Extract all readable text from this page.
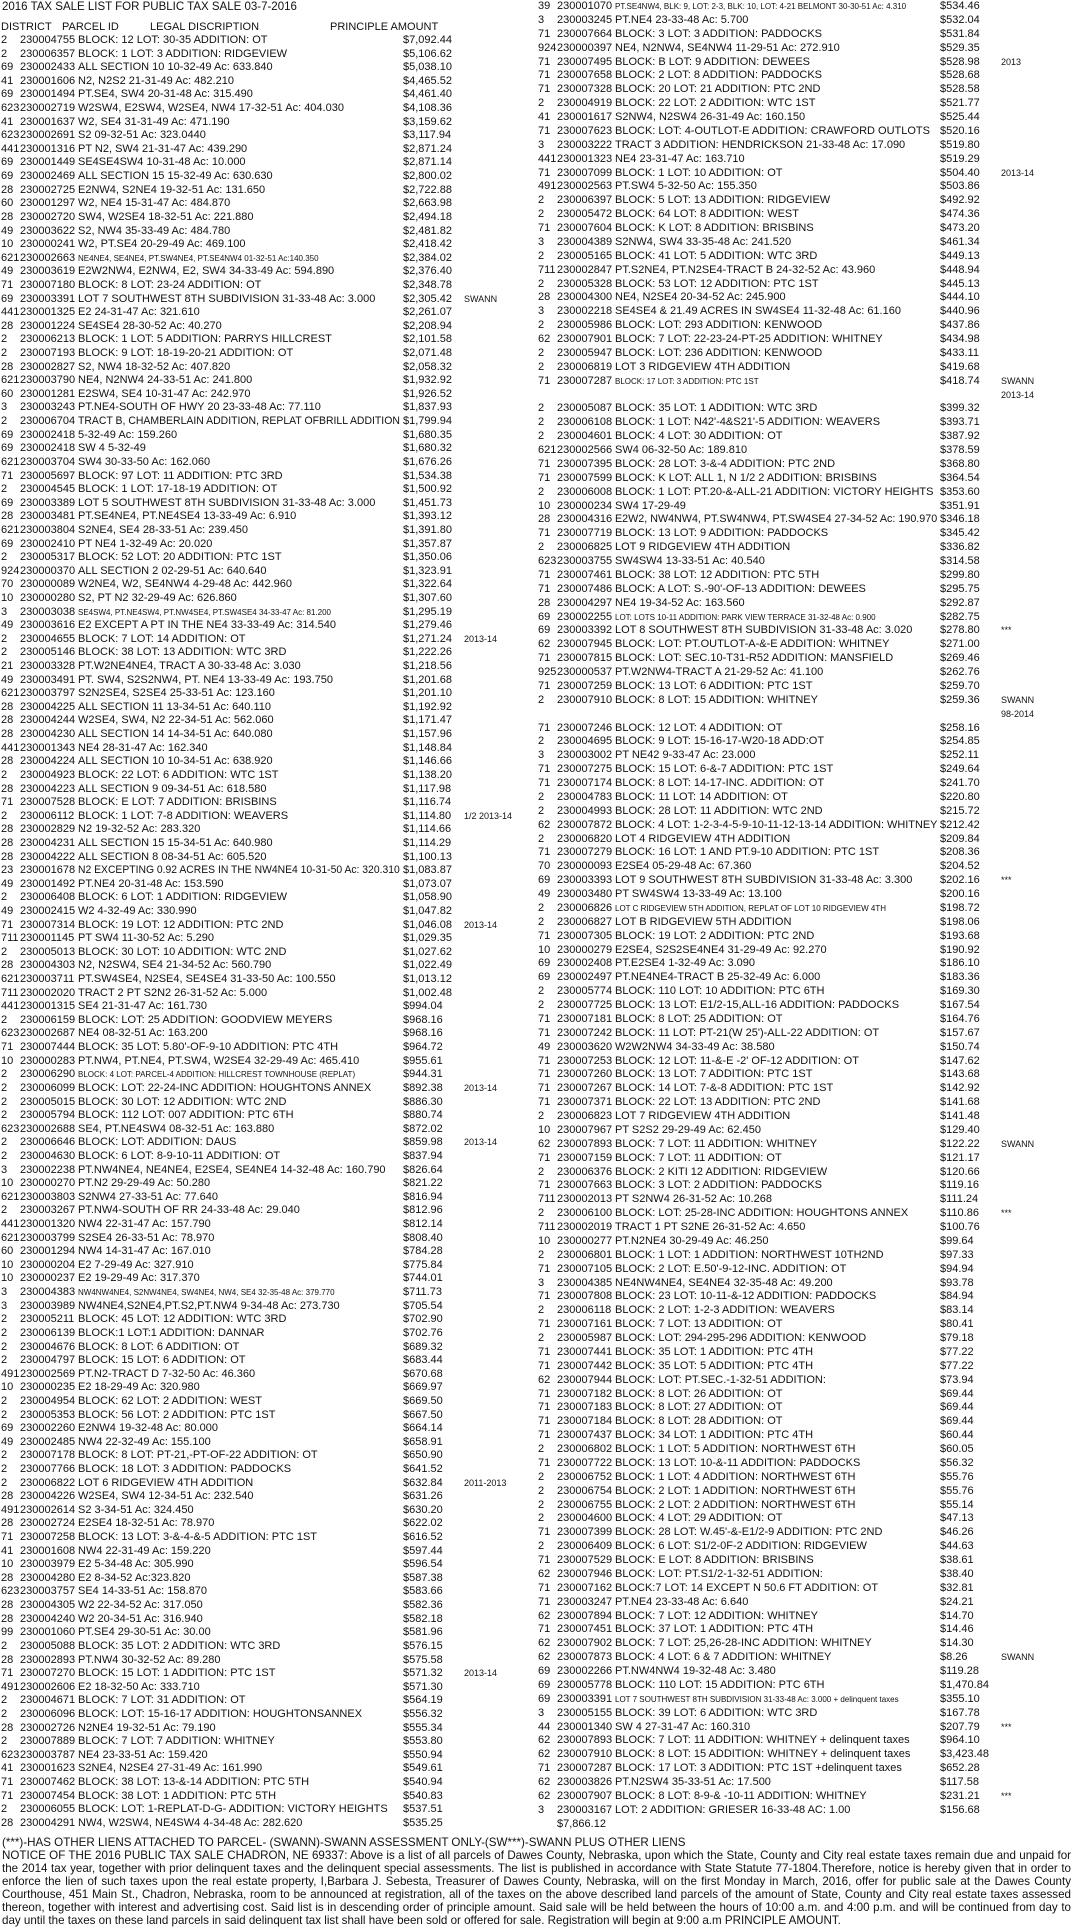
2016 TAX SALE LIST FOR PUBLIC TAX SALE 03-7-2016
DISTRICT PARCEL ID	LEGAL DISCRIPTION	PRINCIPLE AMOUNT
2	230004755 BLOCK: 12 LOT: 30-35 ADDITION: OT	$7,092.44
2	230006357 BLOCK: 1 LOT: 3 ADDITION: RIDGEVIEW	$5,106.62
69 230002433 ALL SECTION 10 10-32-49 Ac: 633.840	$5,038.10
41 230001606 N2, N2S2 21-31-49 Ac: 482.210	$4,465.52
69 230001494 PT.SE4, SW4 20-31-48 Ac: 315.490	$4,461.40
623 230002719 W2SW4, E2SW4, W2SE4, NW4 17-32-51 Ac: 404.030	$4,108.36
41 230001637 W2, SE4 31-31-49 Ac: 471.190	$3,159.62
623 230002691 S2 09-32-51 Ac: 323.0440	$3,117.94
441 230001316 PT N2, SW4 21-31-47 Ac: 439.290	$2,871.24
69 230001449 SE4SE4SW4 10-31-48 Ac: 10.000	$2,871.14
69 230002469 ALL SECTION 15 15-32-49 Ac: 630.630	$2,800.02
28 230002725 E2NW4, S2NE4 19-32-51 Ac: 131.650	$2,722.88
60 230001297 W2, NE4 15-31-47 Ac: 484.870	$2,663.98
28 230002720 SW4, W2SE4 18-32-51 Ac: 221.880	$2,494.18
49 230003622 S2, NW4 35-33-49 Ac: 484.780	$2,481.82
10 230000241 W2, PT.SE4 20-29-49 Ac: 469.100	$2,418.42
621 230002663 NE4NE4, SE4NE4, PT.SW4NE4, PT.SE4NW4 01-32-51 Ac:140.350	$2,384.02
49 230003619 E2W2NW4, E2NW4, E2, SW4 34-33-49 Ac: 594.890	$2,376.40
71 230007180 BLOCK: 8 LOT: 23-24 ADDITION: OT	$2,348.78
69 230003391 LOT 7 SOUTHWEST 8TH SUBDIVISION 31-33-48 Ac: 3.000	$2,305.42	SWANN
441 230001325 E2 24-31-47 Ac: 321.610	$2,261.07
28 230001224 SE4SE4 28-30-52 Ac: 40.270	$2,208.94
2	230006213 BLOCK: 1 LOT: 5 ADDITION: PARRYS HILLCREST	$2,101.58
2	230007193 BLOCK: 9 LOT: 18-19-20-21 ADDITION: OT	$2,071.48
28 230002827 S2, NW4 18-32-52 Ac: 407.820	$2,058.32
621 230003790 NE4, N2NW4 24-33-51 Ac: 241.800	$1,932.92
60 230001281 E2SW4, SE4 10-31-47 Ac: 242.970	$1,926.52
3	230003243 PT.NE4-SOUTH OF HWY 20 23-33-48 Ac: 77.110	$1,837.93
2	230006704 TRACT B, CHAMBERLAIN ADDITION, REPLAT OFBRILL ADDITION $1,799.94
69 230002418 5-32-49 Ac: 159.260	$1,680.35
69 230002418 SW 4 5-32-49	$1,680.32
621 230003704 SW4 30-33-50 Ac: 162.060	$1,676.26
71 230005697 BLOCK: 97 LOT: 11 ADDITION: PTC 3RD	$1,534.38
2	230004545 BLOCK: 1 LOT: 17-18-19 ADDITION: OT	$1,500.92
69 230003389 LOT 5 SOUTHWEST 8TH SUBDIVISION 31-33-48 Ac: 3.000	$1,451.73
28 230003481 PT.SE4NE4, PT.NE4SE4 13-33-49 Ac: 6.910	$1,393.12
621 230003804 S2NE4, SE4 28-33-51 Ac: 239.450	$1,391.80
69 230002410 PT NE4 1-32-49 Ac: 20.020	$1,357.87
2	230005317 BLOCK: 52 LOT: 20 ADDITION: PTC 1ST	$1,350.06
924 230000370 ALL SECTION 2 02-29-51 Ac: 640.640	$1,323.91
70 230000089 W2NE4, W2, SE4NW4 4-29-48 Ac: 442.960	$1,322.64
10 230000280 S2, PT N2 32-29-49 Ac: 626.860	$1,307.60
3	230003038 SE4SW4, PT.NE4SW4, PT.NW4SE4, PT.SW4SE4 34-33-47 Ac: 81.200	$1,295.19
49 230003616 E2 EXCEPT A PT IN THE NE4 33-33-49 Ac: 314.540	$1,279.46
2	230004655 BLOCK: 7 LOT: 14 ADDITION: OT	$1,271.24	2013-14
2	230005146 BLOCK: 38 LOT: 13 ADDITION: WTC 3RD	$1,222.26
21 230003328 PT.W2NE4NE4, TRACT A 30-33-48 Ac: 3.030	$1,218.56
49 230003491 PT. SW4, S2S2NW4, PT. NE4 13-33-49 Ac: 193.750	$1,201.68
621 230003797 S2N2SE4, S2SE4 25-33-51 Ac: 123.160	$1,201.10
28 230004225 ALL SECTION 11 13-34-51 Ac: 640.110	$1,192.92
28 230004244 W2SE4, SW4, N2 22-34-51 Ac: 562.060	$1,171.47
28 230004230 ALL SECTION 14 14-34-51 Ac: 640.080	$1,157.96
441 230001343 NE4 28-31-47 Ac: 162.340	$1,148.84
28 230004224 ALL SECTION 10 10-34-51 Ac: 638.920	$1,146.66
2	230004923 BLOCK: 22 LOT: 6 ADDITION: WTC 1ST	$1,138.20
28 230004223 ALL SECTION 9 09-34-51 Ac: 618.580	$1,117.98
71 230007528 BLOCK: E LOT: 7 ADDITION: BRISBINS	$1,116.74
2	230006112 BLOCK: 1 LOT: 7-8 ADDITION: WEAVERS	$1,114.80	1/2 2013-14
28 230002829 N2 19-32-52 Ac: 283.320	$1,114.66
28 230004231 ALL SECTION 15 15-34-51 Ac: 640.980	$1,114.29
28 230004222 ALL SECTION 8 08-34-51 Ac: 605.520	$1,100.13
23 230001678 N2 EXCEPTING 0.92 ACRES IN THE NW4NE4 10-31-50 Ac: 320.310 $1,083.87
49 230001492 PT.NE4 20-31-48 Ac: 153.590	$1,073.07
2	230006408 BLOCK: 6 LOT: 1 ADDITION: RIDGEVIEW	$1,058.90
49 230002415 W2 4-32-49 Ac: 330.990	$1,047.82
71 230007314 BLOCK: 19 LOT: 12 ADDITION: PTC 2ND	$1,046.08	2013-14
711 230001145 PT SW4 11-30-52 Ac: 5.290	$1,029.35
2	230005013 BLOCK: 30 LOT: 10 ADDITION: WTC 2ND	$1,027.62
28 230004303 N2, N2SW4, SE4 21-34-52 Ac: 560.790	$1,022.49
621 230003711 PT.SW4SE4, N2SE4, SE4SE4 31-33-50 Ac: 100.550	$1,013.12
711 230002020 TRACT 2 PT S2N2 26-31-52 Ac: 5.000	$1,002.48
441 230001315 SE4 21-31-47 Ac: 161.730	$994.04
2	230006159 BLOCK: LOT: 25 ADDITION: GOODVIEW MEYERS	$968.16
623 230002687 NE4 08-32-51 Ac: 163.200	$968.16
71 230007444 BLOCK: 35 LOT: 5.80'-OF-9-10 ADDITION: PTC 4TH	$964.72
10 230000283 PT.NW4, PT.NE4, PT.SW4, W2SE4 32-29-49 Ac: 465.410	$955.61
2	230006290 BLOCK: 4 LOT: PARCEL-4 ADDITION: HILLCREST TOWNHOUSE (REPLAT)	$944.31
2	230006099 BLOCK: LOT: 22-24-INC ADDITION: HOUGHTONS ANNEX	$892.38	2013-14
2	230005015 BLOCK: 30 LOT: 12 ADDITION: WTC 2ND	$886.30
2	230005794 BLOCK: 112 LOT: 007 ADDITION: PTC 6TH	$880.74
623 230002688 SE4, PT.NE4SW4 08-32-51 Ac: 163.880	$872.02
2	230006646 BLOCK: LOT: ADDITION: DAUS	$859.98	2013-14
2	230004630 BLOCK: 6 LOT: 8-9-10-11 ADDITION: OT	$837.94
3	230002238 PT.NW4NE4, NE4NE4, E2SE4, SE4NE4 14-32-48 Ac: 160.790	$826.64
10 230000270 PT.N2 29-29-49 Ac: 50.280	$821.22
621 230003803 S2NW4 27-33-51 Ac: 77.640	$816.94
2	230003267 PT.NW4-SOUTH OF RR 24-33-48 Ac: 29.040	$812.96
441 230001320 NW4 22-31-47 Ac: 157.790	$812.14
621 230003799 S2SE4 26-33-51 Ac: 78.970	$808.40
60 230001294 NW4 14-31-47 Ac: 167.010	$784.28
10 230000204 E2 7-29-49 Ac: 327.910	$775.84
10 230000237 E2 19-29-49 Ac: 317.370	$744.01
3	230004383 NW4NW4NE4, S2NW4NE4, SW4NE4, NW4, SE4 32-35-48 Ac: 379.770	$711.73
3	230003989 NW4NE4,S2NE4,PT.S2,PT.NW4 9-34-48 Ac: 273.730	$705.54
2	230005211 BLOCK: 45 LOT: 12 ADDITION: WTC 3RD	$702.90
2	230006139 BLOCK:1 LOT:1 ADDITION: DANNAR	$702.76
2	230004676 BLOCK: 8 LOT: 6 ADDITION: OT	$689.32
2	230004797 BLOCK: 15 LOT: 6 ADDITION: OT	$683.44
491 230002569 PT.N2-TRACT D 7-32-50 Ac: 46.360	$670.68
10 230000235 E2 18-29-49 Ac: 320.980	$669.97
2	230004954 BLOCK: 62 LOT: 2 ADDITION: WEST	$669.50
2	230005353 BLOCK: 56 LOT: 2 ADDITION: PTC 1ST	$667.50
69 230002260 E2NW4 19-32-48 Ac: 80.000	$664.14
49 230002485 NW4 22-32-49 Ac: 155.100	$658.91
2	230007178 BLOCK: 8 LOT: PT-21,-PT-OF-22 ADDITION: OT	$650.90
2	230007766 BLOCK: 18 LOT: 3 ADDITION: PADDOCKS	$641.52
2	230006822 LOT 6 RIDGEVIEW 4TH ADDITION	$632.84	2011-2013
28 230004226 W2SE4, SW4 12-34-51 Ac: 232.540	$631.26
491 230002614 S2 3-34-51 Ac: 324.450	$630.20
28 230002724 E2SE4 18-32-51 Ac: 78.970	$622.02
71 230007258 BLOCK: 13 LOT: 3-&-4-&-5 ADDITION: PTC 1ST	$616.52
41 230001608 NW4 22-31-49 Ac: 159.220	$597.44
10 230003979 E2 5-34-48 Ac: 305.990	$596.54
28 230004280 E2 8-34-52 Ac:323.820	$587.38
623 230003757 SE4 14-33-51 Ac: 158.870	$583.66
28 230004305 W2 22-34-52 Ac: 317.050	$582.36
28 230004240 W2 20-34-51 Ac: 316.940	$582.18
99 230001060 PT.SE4 29-30-51 Ac: 30.00	$581.96
2	230005088 BLOCK: 35 LOT: 2 ADDITION: WTC 3RD	$576.15
28 230002893 PT.NW4 30-32-52 Ac: 89.280	$575.58
71 230007270 BLOCK: 15 LOT: 1 ADDITION: PTC 1ST	$571.32	2013-14
491 230002606 E2 18-32-50 Ac: 333.710	$571.30
2	230004671 BLOCK: 7 LOT: 31 ADDITION: OT	$564.19
2	230006096 BLOCK: LOT: 15-16-17 ADDITION: HOUGHTONSANNEX	$556.32
28 230002726 N2NE4 19-32-51 Ac: 79.190	$555.34
2	230007889 BLOCK: 7 LOT: 7 ADDITION: WHITNEY	$553.80
623 230003787 NE4 23-33-51 Ac: 159.420	$550.94
41 230001623 S2NE4, N2SE4 27-31-49 Ac: 161.990	$549.61
71 230007462 BLOCK: 38 LOT: 13-&-14 ADDITION: PTC 5TH	$540.94
71 230007454 BLOCK: 38 LOT: 1 ADDITION: PTC 5TH	$540.83
2	230006055 BLOCK: LOT: 1-REPLAT-D-G- ADDITION: VICTORY HEIGHTS	$537.51
28 230004291 NW4, W2SW4, NE4SW4 4-34-48 Ac: 282.620	$535.25
39 230001070 PT.SE4NW4, BLK: 9, LOT: 2-3, BLK: 10, LOT: 4-21 BELMONT 30-30-51 Ac: 4.310	$534.46
3	230003245 PT.NE4 23-33-48 Ac: 5.700	$532.04
71 230007664 BLOCK: 3 LOT: 3 ADDITION: PADDOCKS	$531.84
924 230000397 NE4, N2NW4, SE4NW4 11-29-51 Ac: 272.910	$529.35
71 230007495 BLOCK: B LOT: 9 ADDITION: DEWEES	$528.98	2013
71 230007658 BLOCK: 2 LOT: 8 ADDITION: PADDOCKS	$528.68
71 230007328 BLOCK: 20 LOT: 21 ADDITION: PTC 2ND	$528.58
2	230004919 BLOCK: 22 LOT: 2 ADDITION: WTC 1ST	$521.77
41 230001617 S2NW4, N2SW4 26-31-49 Ac: 160.150	$525.44
71 230007623 BLOCK: LOT: 4-OUTLOT-E ADDITION: CRAWFORD OUTLOTS $520.16
3	230003222 TRACT 3 ADDITION: HENDRICKSON 21-33-48 Ac: 17.090	$519.80
441 230001323 NE4 23-31-47 Ac: 163.710	$519.29
71 230007099 BLOCK: 1 LOT: 10 ADDITION: OT	$504.40	2013-14
491 230002563 PT.SW4 5-32-50 Ac: 155.350	$503.86
2	230006397 BLOCK: 5 LOT: 13 ADDITION: RIDGEVIEW	$492.92
2	230005472 BLOCK: 64 LOT: 8 ADDITION: WEST	$474.36
71 230007604 BLOCK: K LOT: 8 ADDITION: BRISBINS	$473.20
3	230004389 S2NW4, SW4 33-35-48 Ac: 241.520	$461.34
2	230005165 BLOCK: 41 LOT: 5 ADDITION: WTC 3RD	$449.13
711 230002847 PT.S2NE4, PT.N2SE4-TRACT B 24-32-52 Ac: 43.960	$448.94
2	230005328 BLOCK: 53 LOT: 12 ADDITION: PTC 1ST	$445.13
28 230004300 NE4, N2SE4 20-34-52 Ac: 245.900	$444.10
3	230002218 SE4SE4 & 21.49 ACRES IN SW4SE4 11-32-48 Ac: 61.160	$440.96
2	230005986 BLOCK: LOT: 293 ADDITION: KENWOOD	$437.86
62 230007901 BLOCK: 7 LOT: 22-23-24-PT-25 ADDITION: WHITNEY	$434.98
2	230005947 BLOCK: LOT: 236 ADDITION: KENWOOD	$433.11
2	230006819 LOT 3 RIDGEVIEW 4TH ADDITION	$419.68
71 230007287 BLOCK: 17 LOT: 3 ADDITION: PTC 1ST	$418.74	SWANN
2013-14
2	230005087 BLOCK: 35 LOT: 1 ADDITION: WTC 3RD	$399.32
2	230006108 BLOCK: 1 LOT: N42'-4&S21'-5 ADDITION: WEAVERS	$393.71
2	230004601 BLOCK: 4 LOT: 30 ADDITION: OT	$387.92
621 230002566 SW4 06-32-50 Ac: 189.810	$378.59
71 230007395 BLOCK: 28 LOT: 3-&-4 ADDITION: PTC 2ND	$368.80
71 230007599 BLOCK: K LOT: ALL 1, N 1/2 2 ADDITION: BRISBINS	$364.54
2	230006008 BLOCK: 1 LOT: PT.20-&-ALL-21 ADDITION: VICTORY HEIGHTS $353.60
10 230000234 SW4 17-29-49	$351.91
28 230004316 E2W2, NW4NW4, PT.SW4NW4, PT.SW4SE4 27-34-52 Ac: 190.970 $346.18
71 230007719 BLOCK: 13 LOT: 9 ADDITION: PADDOCKS	$345.42
2	230006825 LOT 9 RIDGEVIEW 4TH ADDITION	$336.82
623 230003755 SW4SW4 13-33-51 Ac: 40.540	$314.58
71 230007461 BLOCK: 38 LOT: 12 ADDITION: PTC 5TH	$299.80
71 230007486 BLOCK: A LOT: S.-90'-OF-13 ADDITION: DEWEES	$295.75
28 230004297 NE4 19-34-52 Ac: 163.560	$292.87
69 230002255 LOT: LOTS 10-11 ADDITION: PARK VIEW TERRACE 31-32-48 Ac: 0.900	$282.75
69 230003392 LOT 8 SOUTHWEST 8TH SUBDIVISION 31-33-48 Ac: 3.020	$278.80	***
62 230007945 BLOCK: LOT: PT.OUTLOT-A-&-E ADDITION: WHITNEY	$271.00
71 230007815 BLOCK: LOT: SEC.10-T31-R52 ADDITION: MANSFIELD	$269.46
925 230000537 PT.W2NW4-TRACT A 21-29-52 Ac: 41.100	$262.76
71 230007259 BLOCK: 13 LOT: 6 ADDITION: PTC 1ST	$259.70
2	230007910 BLOCK: 8 LOT: 15 ADDITION: WHITNEY	$259.36	SWANN
98-2014
71 230007246 BLOCK: 12 LOT: 4 ADDITION: OT	$258.16
2	230004695 BLOCK: 9 LOT: 15-16-17-W20-18 ADD:OT	$254.85
3	230003002 PT NE42 9-33-47 Ac: 23.000	$252.11
71 230007275 BLOCK: 15 LOT: 6-&-7 ADDITION: PTC 1ST	$249.64
71 230007174 BLOCK: 8 LOT: 14-17-INC. ADDITION: OT	$241.70
2	230004783 BLOCK: 11 LOT: 14 ADDITION: OT	$220.80
2	230004993 BLOCK: 28 LOT: 11 ADDITION: WTC 2ND	$215.72
62 230007872 BLOCK: 4 LOT: 1-2-3-4-5-9-10-11-12-13-14 ADDITION: WHITNEY $212.42
2	230006820 LOT 4 RIDGEVIEW 4TH ADDITION	$209.84
71 230007279 BLOCK: 16 LOT: 1 AND PT.9-10 ADDITION: PTC 1ST	$208.36
70 230000093 E2SE4 05-29-48 Ac: 67.360	$204.52
69 230003393 LOT 9 SOUTHWEST 8TH SUBDIVISION 31-33-48 Ac: 3.300	$202.16	***
49 230003480 PT SW4SW4 13-33-49 Ac: 13.100	$200.16
2	230006826 LOT C RIDGEVIEW 5TH ADDITION, REPLAT OF LOT 10 RIDGEVIEW 4TH	$198.72
2	230006827 LOT B RIDGEVIEW 5TH ADDITION	$198.06
71 230007305 BLOCK: 19 LOT: 2 ADDITION: PTC 2ND	$193.68
10 230000279 E2SE4, S2S2SE4NE4 31-29-49 Ac: 92.270	$190.92
69 230002408 PT.E2SE4 1-32-49 Ac: 3.090	$186.10
69 230002497 PT.NE4NE4-TRACT B 25-32-49 Ac: 6.000	$183.36
2	230005774 BLOCK: 110 LOT: 10 ADDITION: PTC 6TH	$169.30
2	230007725 BLOCK: 13 LOT: E1/2-15,ALL-16 ADDITION: PADDOCKS	$167.54
71 230007181 BLOCK: 8 LOT: 25 ADDITION: OT	$164.76
71 230007242 BLOCK: 11 LOT: PT-21(W 25')-ALL-22 ADDITION: OT	$157.67
49 230003620 W2W2NW4 34-33-49 Ac: 38.580	$150.74
71 230007253 BLOCK: 12 LOT: 11-&-E -2' OF-12 ADDITION: OT	$147.62
71 230007260 BLOCK: 13 LOT: 7 ADDITION: PTC 1ST	$143.68
71 230007267 BLOCK: 14 LOT: 7-&-8 ADDITION: PTC 1ST	$142.92
71 230007371 BLOCK: 22 LOT: 13 ADDITION: PTC 2ND	$141.68
2	230006823 LOT 7 RIDGEVIEW 4TH ADDITION	$141.48
10 230007967 PT S2S2 29-29-49 Ac: 62.450	$129.40
62 230007893 BLOCK: 7 LOT: 11 ADDITION: WHITNEY	$122.22	SWANN
71 230007159 BLOCK: 7 LOT: 11 ADDITION: OT	$121.17
2	230006376 BLOCK: 2 KITI 12 ADDITION: RIDGEVIEW	$120.66
71 230007663 BLOCK: 3 LOT: 2 ADDITION: PADDOCKS	$119.16
711 230002013 PT S2NW4 26-31-52 Ac: 10.268	$111.24
2	230006100 BLOCK: LOT: 25-28-INC ADDITION: HOUGHTONS ANNEX	$110.86	***
711 230002019 TRACT 1 PT S2NE 26-31-52 Ac: 4.650	$100.76
10 230000277 PT.N2NE4 30-29-49 Ac: 46.250	$99.64
2	230006801 BLOCK: 1 LOT: 1 ADDITION: NORTHWEST 10TH2ND	$97.33
71 230007105 BLOCK: 2 LOT: E.50'-9-12-INC. ADDITION: OT	$94.94
3	230004385 NE4NW4NE4, SE4NE4 32-35-48 Ac: 49.200	$93.78
71 230007808 BLOCK: 23 LOT: 10-11-&-12 ADDITION: PADDOCKS	$84.94
2	230006118 BLOCK: 2 LOT: 1-2-3 ADDITION: WEAVERS	$83.14
71 230007161 BLOCK: 7 LOT: 13 ADDITION: OT	$80.41
2	230005987 BLOCK: LOT: 294-295-296 ADDITION: KENWOOD	$79.18
71 230007441 BLOCK: 35 LOT: 1 ADDITION: PTC 4TH	$77.22
71 230007442 BLOCK: 35 LOT: 5 ADDITION: PTC 4TH	$77.22
62 230007944 BLOCK: LOT: PT.SEC.-1-32-51 ADDITION:	$73.94
71 230007182 BLOCK: 8 LOT: 26 ADDITION: OT	$69.44
71 230007183 BLOCK: 8 LOT: 27 ADDITION: OT	$69.44
71 230007184 BLOCK: 8 LOT: 28 ADDITION: OT	$69.44
71 230007437 BLOCK: 34 LOT: 1 ADDITION: PTC 4TH	$60.44
2	230006802 BLOCK: 1 LOT: 5 ADDITION: NORTHWEST 6TH	$60.05
71 230007722 BLOCK: 13 LOT: 10-&-11 ADDITION: PADDOCKS	$56.32
2	230006752 BLOCK: 1 LOT: 4 ADDITION: NORTHWEST 6TH	$55.76
2	230006754 BLOCK: 2 LOT: 1 ADDITION: NORTHWEST 6TH	$55.76
2	230006755 BLOCK: 2 LOT: 2 ADDITION: NORTHWEST 6TH	$55.14
2	230004600 BLOCK: 4 LOT: 29 ADDITION: OT	$47.13
71 230007399 BLOCK: 28 LOT: W.45'-&-E1/2-9 ADDITION: PTC 2ND	$46.26
2	230006409 BLOCK: 6 LOT: S1/2-0F-2 ADDITION: RIDGEVIEW	$44.63
71 230007529 BLOCK: E LOT: 8 ADDITION: BRISBINS	$38.61
62 230007946 BLOCK: LOT: PT.S1/2-1-32-51 ADDITION:	$38.40
71 230007162 BLOCK:7 LOT: 14 EXCEPT N 50.6 FT ADDITION: OT	$32.81
71 230003247 PT.NE4 23-33-48 Ac: 6.640	$24.21
62 230007894 BLOCK: 7 LOT: 12 ADDITION: WHITNEY	$14.70
71 230007451 BLOCK: 37 LOT: 1 ADDITION: PTC 4TH	$14.46
62 230007902 BLOCK: 7 LOT: 25,26-28-INC ADDITION: WHITNEY	$14.30
62 230007873 BLOCK: 4 LOT: 6 & 7 ADDITION: WHITNEY	$8.26	SWANN
69 230002266 PT.NW4NW4 19-32-48 Ac: 3.480	$119.28
69 230005778 BLOCK: 110 LOT: 15 ADDITION: PTC 6TH	$1,470.84
69 230003391 LOT 7 SOUTHWEST 8TH SUBDIVISION 31-33-48 Ac: 3.000 + delinquent taxes	$355.10
3	230005155 BLOCK: 39 LOT: 6 ADDITION: WTC 3RD	$167.78
44 230001340 SW 4 27-31-47 Ac: 160.310	$207.79	***
62 230007893 BLOCK: 7 LOT: 11 ADDITION: WHITNEY + delinquent taxes	$964.10
62 230007910 BLOCK: 8 LOT: 15 ADDITION: WHITNEY + delinquent taxes	$3,423.48
71 230007287 BLOCK: 17 LOT: 3 ADDITION: PTC 1ST +delinquent taxes	$652.28
62 230003826 PT.N2SW4 35-33-51 Ac: 17.500	$117.58
62 230007907 BLOCK: 8 LOT: 8-9-& -10-11 ADDITION: WHITNEY	$231.21	***
3	230003167 LOT: 2 ADDITION: GRIESER 16-33-48 AC: 1.00	$156.68
$7,866.12

(***)-HAS OTHER LIENS ATTACHED TO PARCEL- (SWANN)-SWANN ASSESSMENT ONLY-(SW***)-SWANN PLUS OTHER LIENS

NOTICE OF THE 2016 PUBLIC TAX SALE CHADRON, NE 69337: Above is a list of all parcels of Dawes County, Nebraska, upon which the State, County and City real estate taxes remain due and unpaid for the 2014 tax year, together with prior delinquent taxes and the delinquent special assessments. The list is published in accordance with State Statute 77-1804.Therefore, notice is hereby given that in order to enforce the lien of such taxes upon the real estate property, I,Barbara J. Sebesta, Treasurer of Dawes County, Nebraska, will on the first Monday in March, 2016, offer for public sale at the Dawes County Courthouse, 451 Main St., Chadron, Nebraska, room to be announced at registration, all of the taxes on the above described land parcels of the amount of State, County and City real estate taxes assessed thereon, together with interest and advertising cost. Said list is in descending order of principle amount. Said sale will be held between the hours of 10:00 a.m. and 4:00 p.m. and will be continued from day to day until the taxes on these land parcels in said delinquent tax list shall have been sold or offered for sale. Registration will begin at 9:00 a.m PRINCIPLE AMOUNT.
